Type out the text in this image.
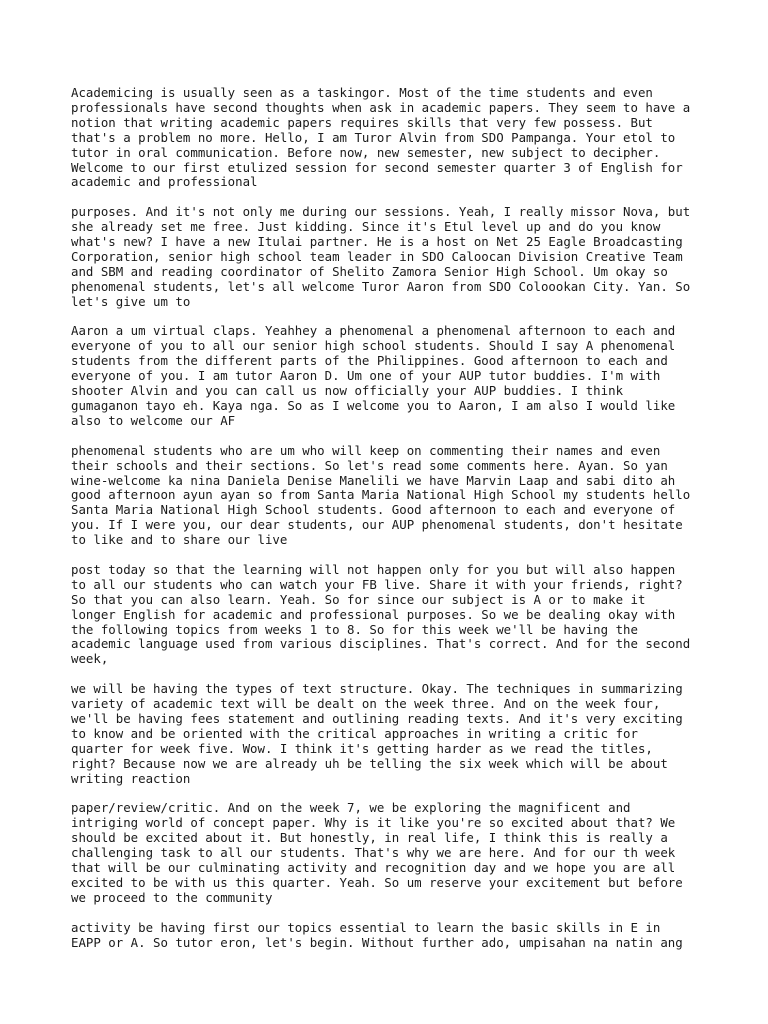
Academicing is usually seen as a taskingor. Most of the time students and even
professionals have second thoughts when ask in academic papers. They seem to have a
notion that writing academic papers requires skills that very few possess. But
that's a problem no more. Hello, I am Turor Alvin from SDO Pampanga. Your etol to
tutor in oral communication. Before now, new semester, new subject to decipher.
Welcome to our first etulized session for second semester quarter 3 of English for
academic and professional

purposes. And it's not only me during our sessions. Yeah, I really missor Nova, but
she already set me free. Just kidding. Since it's Etul level up and do you know
what's new? I have a new Itulai partner. He is a host on Net 25 Eagle Broadcasting
Corporation, senior high school team leader in SDO Caloocan Division Creative Team
and SBM and reading coordinator of Shelito Zamora Senior High School. Um okay so
phenomenal students, let's all welcome Turor Aaron from SDO Coloookan City. Yan. So
let's give um to

Aaron a um virtual claps. Yeahhey a phenomenal a phenomenal afternoon to each and
everyone of you to all our senior high school students. Should I say A phenomenal
students from the different parts of the Philippines. Good afternoon to each and
everyone of you. I am tutor Aaron D. Um one of your AUP tutor buddies. I'm with
shooter Alvin and you can call us now officially your AUP buddies. I think
gumaganon tayo eh. Kaya nga. So as I welcome you to Aaron, I am also I would like
also to welcome our AF

phenomenal students who are um who will keep on commenting their names and even
their schools and their sections. So let's read some comments here. Ayan. So yan
wine-welcome ka nina Daniela Denise Manelili we have Marvin Laap and sabi dito ah
good afternoon ayun ayan so from Santa Maria National High School my students hello
Santa Maria National High School students. Good afternoon to each and everyone of
you. If I were you, our dear students, our AUP phenomenal students, don't hesitate
to like and to share our live

post today so that the learning will not happen only for you but will also happen
to all our students who can watch your FB live. Share it with your friends, right?
So that you can also learn. Yeah. So for since our subject is A or to make it
longer English for academic and professional purposes. So we be dealing okay with
the following topics from weeks 1 to 8. So for this week we'll be having the
academic language used from various disciplines. That's correct. And for the second
week,

we will be having the types of text structure. Okay. The techniques in summarizing
variety of academic text will be dealt on the week three. And on the week four,
we'll be having fees statement and outlining reading texts. And it's very exciting
to know and be oriented with the critical approaches in writing a critic for
quarter for week five. Wow. I think it's getting harder as we read the titles,
right? Because now we are already uh be telling the six week which will be about
writing reaction

paper/review/critic. And on the week 7, we be exploring the magnificent and
intriging world of concept paper. Why is it like you're so excited about that? We
should be excited about it. But honestly, in real life, I think this is really a
challenging task to all our students. That's why we are here. And for our th week
that will be our culminating activity and recognition day and we hope you are all
excited to be with us this quarter. Yeah. So um reserve your excitement but before
we proceed to the community

activity be having first our topics essential to learn the basic skills in E in
EAPP or A. So tutor eron, let's begin. Without further ado, umpisahan na natin ang
